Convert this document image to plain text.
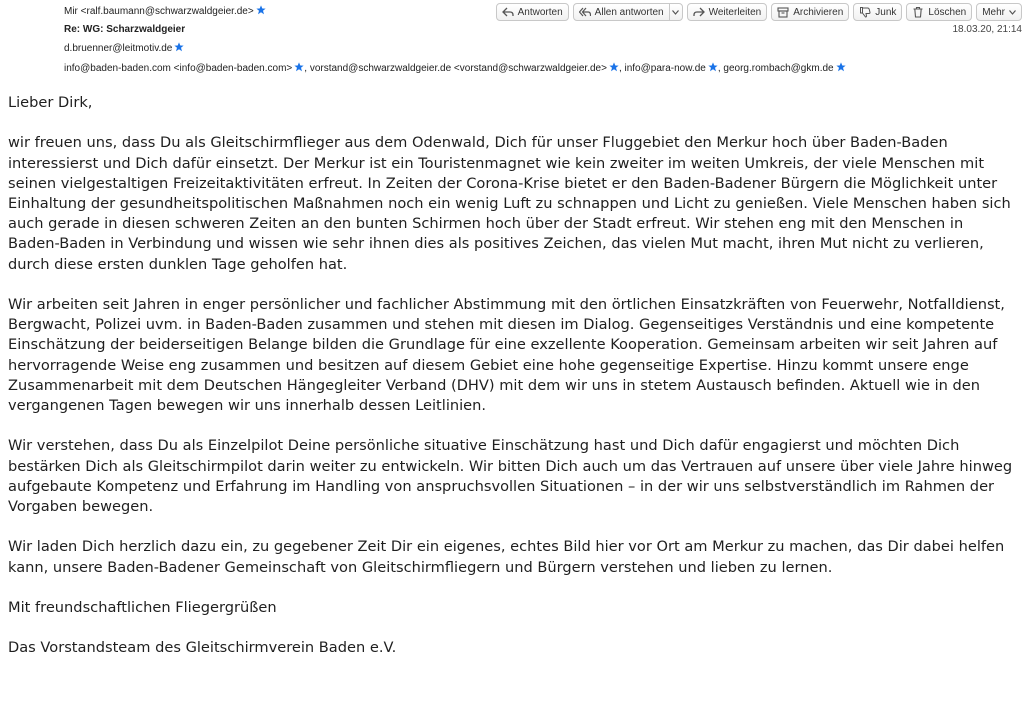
Mir <ralf.baumann@schwarzwaldgeier.de>
Re: WG: Scharzwaldgeier
d.bruenner@leitmotiv.de
info@baden-baden.com <info@baden-baden.com> , vorstand@schwarzwaldgeier.de <vorstand@schwarzwaldgeier.de> , info@para-now.de , georg.rombach@gkm.de
Antworten	Allen antworten	Weiterleiten	Archivieren	Junk	Löschen Mehr
18.03.20, 21:14

Lieber Dirk,

wir freuen uns, dass Du als Gleitschirmflieger aus dem Odenwald, Dich für unser Fluggebiet den Merkur hoch über Baden-Baden interessierst und Dich dafür einsetzt. Der Merkur ist ein Touristenmagnet wie kein zweiter im weiten Umkreis, der viele Menschen mit seinen vielgestaltigen Freizeitaktivitäten erfreut. In Zeiten der Corona-Krise bietet er den Baden-Badener Bürgern die Möglichkeit unter Einhaltung der gesundheitspolitischen Maßnahmen noch ein wenig Luft zu schnappen und Licht zu genießen. Viele Menschen haben sich auch gerade in diesen schweren Zeiten an den bunten Schirmen hoch über der Stadt erfreut. Wir stehen eng mit den Menschen in Baden-Baden in Verbindung und wissen wie sehr ihnen dies als positives Zeichen, das vielen Mut macht, ihren Mut nicht zu verlieren, durch diese ersten dunklen Tage geholfen hat.

Wir arbeiten seit Jahren in enger persönlicher und fachlicher Abstimmung mit den örtlichen Einsatzkräften von Feuerwehr, Notfalldienst, Bergwacht, Polizei uvm. in Baden-Baden zusammen und stehen mit diesen im Dialog. Gegenseitiges Verständnis und eine kompetente Einschätzung der beiderseitigen Belange bilden die Grundlage für eine exzellente Kooperation. Gemeinsam arbeiten wir seit Jahren auf hervorragende Weise eng zusammen und besitzen auf diesem Gebiet eine hohe gegenseitige Expertise. Hinzu kommt unsere enge Zusammenarbeit mit dem Deutschen Hängegleiter Verband (DHV) mit dem wir uns in stetem Austausch befinden. Aktuell wie in den vergangenen Tagen bewegen wir uns innerhalb dessen Leitlinien.

Wir verstehen, dass Du als Einzelpilot Deine persönliche situative Einschätzung hast und Dich dafür engagierst und möchten Dich bestärken Dich als Gleitschirmpilot darin weiter zu entwickeln. Wir bitten Dich auch um das Vertrauen auf unsere über viele Jahre hinweg aufgebaute Kompetenz und Erfahrung im Handling von anspruchsvollen Situationen – in der wir uns selbstverständlich im Rahmen der Vorgaben bewegen.

Wir laden Dich herzlich dazu ein, zu gegebener Zeit Dir ein eigenes, echtes Bild hier vor Ort am Merkur zu machen, das Dir dabei helfen kann, unsere Baden-Badener Gemeinschaft von Gleitschirmfliegern und Bürgern verstehen und lieben zu lernen.

Mit freundschaftlichen Fliegergrüßen

Das Vorstandsteam des Gleitschirmverein Baden e.V.
